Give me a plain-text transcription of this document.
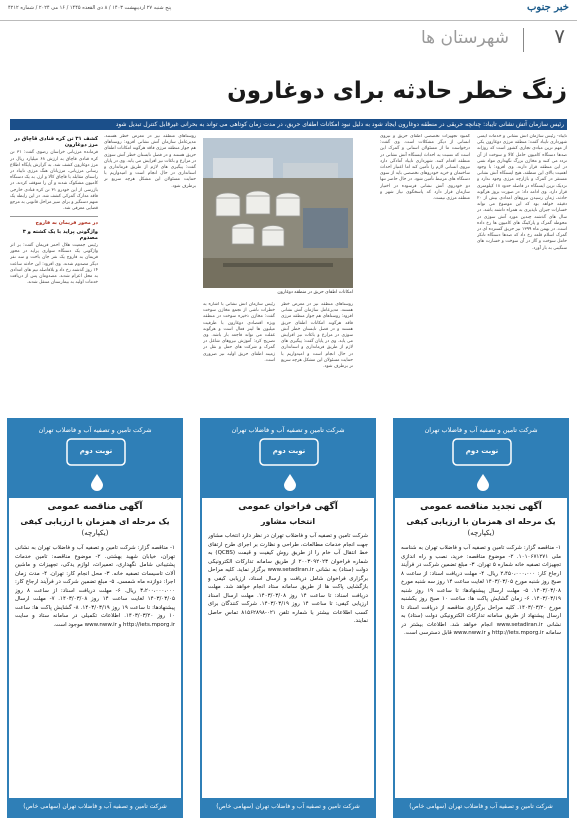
خبر جنوب
پنج شنبه ۲۷ اردیبهشت ۱۴۰۳ / ۸ ذی القعده ۱۴۴۵ / ۱۶ می ۲۰۲۴ / شماره ۴۲۱۲
۷
شهرستان ها
زنگ خطر حادثه برای دوغارون
رئیس سازمان آتش نشانی تایباد: چنانچه حریقی در منطقه دوغارون ایجاد شود به دلیل نبود امکانات اطفای حریق، در مدت زمان کوتاهی می تواند به بحرانی غیرقابل کنترل تبدیل شود

تایباد- رئیس سازمان آتش نشانی و خدمات ایمنی شهرداری تایباد گفت: منطقه مرزی دوغارون یکی از مهم ترین مبادی تجاری کشور است که روزانه صدها دستگاه کامیون حامل کالا و سوخت از آن تردد می کنند و مخازن بزرگ نگهداری مواد نفتی در این منطقه قرار دارند. وی افزود: با وجود اهمیت بالای این منطقه، هیچ ایستگاه آتش نشانی مستقر در گمرک و بازارچه مرزی وجود ندارد و نزدیک ترین ایستگاه در فاصله حدود ۱۸ کیلومتری قرار دارد. وی ادامه داد: در صورت بروز هرگونه حادثه، زمان رسیدن نیروهای امدادی بیش از ۲۰ دقیقه خواهد بود که این موضوع می تواند خسارات جبران ناپذیری به همراه داشته باشد. در سال های گذشته چندین مورد آتش سوزی در محوطه گمرک و پارکینگ های کامیون ها رخ داده است. در بهمن ماه ۱۳۹۹ نیز حریق گسترده ای در گمرک اسلام قلعه رخ داد که صدها دستگاه تانکر حامل سوخت و گاز در آن سوخت و خسارت های سنگینی به بار آورد.

کمبود تجهیزات تخصصی اطفای حریق و نیروی انسانی از دیگر مشکلات است. وی گفت: درخواست ما از مسئولان استانی و گمرک این است که نسبت به احداث ایستگاه آتش نشانی در منطقه اقدام کنند. شهرداری تایباد آمادگی دارد نیروی انسانی لازم را تأمین کند اما اعتبار احداث ساختمان و خرید خودروهای تخصصی باید از سوی دستگاه های مرتبط تأمین شود. در حال حاضر تنها دو خودروی آتش نشانی فرسوده در اختیار سازمان قرار دارد که پاسخگوی نیاز شهر و منطقه مرزی نیست.

امکانات اطفای حریق در منطقه دوغارون

رئیس سازمان آتش نشانی با اشاره به خطرات ناشی از تجمع مخازن سوخت گفت: مخازن ذخیره سوخت در منطقه ویژه اقتصادی دوغارون با ظرفیت میلیون ها لیتر فعال است و هرگونه غفلت می تواند فاجعه بار باشد. وی تصریح کرد: آموزش نیروهای شاغل در گمرک و شرکت های حمل و نقل در زمینه اطفای حریق اولیه نیز ضروری است.

روستاهای منطقه نیز در معرض خطر هستند. مدیرعامل سازمان آتش نشانی افزود: روستاهای هم جوار منطقه مرزی فاقد هرگونه امکانات اطفای حریق هستند و در فصل تابستان خطر آتش سوزی در مزارع و باغات نیز افزایش می یابد. وی در پایان گفت: پیگیری های لازم از طریق فرمانداری و استانداری در حال انجام است و امیدواریم با حمایت مسئولان این مشکل هرچه سریع تر برطرف شود.

کشف ۳۱ تن کره قنادی قاچاق در مرز دوغارون

فرمانده مرزبانی خراسان رضوی گفت: ۳۱ تن کره قنادی قاچاق به ارزش ۶۸ میلیارد ریال در مرز دوغارون کشف شد. به گزارش پایگاه اطلاع رسانی مرزبانی، مرزبانان هنگ مرزی تایباد در راستای مقابله با قاچاق کالا و ارز، به یک دستگاه کامیون مشکوک شدند و آن را متوقف کردند. در بازرسی از این خودرو ۳۱ تن کره قنادی خارجی فاقد مدارک گمرکی کشف شد. در این رابطه یک متهم دستگیر و برای سیر مراحل قانونی به مرجع قضایی معرفی شد.

در محور فریمان به فاروج
واژگونی پراید با یک کشته و ۳ مصدوم

رئیس جمعیت هلال احمر فریمان گفت: بر اثر واژگونی یک دستگاه سواری پراید در محور فریمان به فاروج یک نفر جان باخت و سه نفر دیگر مصدوم شدند. وی افزود: این حادثه ساعت ۱۴ روز گذشته رخ داد و بلافاصله تیم های امدادی به محل اعزام شدند. مصدومان پس از دریافت خدمات اولیه به بیمارستان منتقل شدند.

روستاهای منطقه نیز در معرض خطر هستند. مدیرعامل سازمان آتش نشانی افزود: روستاهای هم جوار منطقه مرزی فاقد هرگونه امکانات اطفای حریق هستند و در فصل تابستان خطر آتش سوزی در مزارع و باغات نیز افزایش می یابد. وی در پایان گفت: پیگیری های لازم از طریق فرمانداری و استانداری در حال انجام است و امیدواریم با حمایت مسئولان این مشکل هرچه سریع تر برطرف شود.

شرکت تامین و تصفیه آب و فاضلاب تهران
نوبت دوم
آگهی تجدید مناقصه عمومی
یک مرحله ای همزمان با ارزیابی کیفی
(یکپارچه)
۱- مناقصه گزار: شرکت تامین و تصفیه آب و فاضلاب تهران به شناسه ملی ۱۰۱۰۶۷۱۲۷۱. ۲- موضوع مناقصه: خرید، نصب و راه اندازی تجهیزات تصفیه خانه شماره ۵ تهران. ۳- مبلغ تضمین شرکت در فرآیند ارجاع کار: ۲،۴۵۰،۰۰۰،۰۰۰ ریال. ۴- مهلت دریافت اسناد: از ساعت ۸ صبح روز شنبه مورخ ۱۴۰۳/۰۳/۰۵ لغایت ساعت ۱۴ روز سه شنبه مورخ ۱۴۰۳/۰۳/۰۸. ۵- مهلت ارسال پیشنهادها: تا ساعت ۱۹ روز شنبه ۱۴۰۳/۰۳/۱۹. ۶- زمان گشایش پاکت ها: ساعت ۱۰ صبح روز یکشنبه مورخ ۱۴۰۳/۰۳/۲۰. کلیه مراحل برگزاری مناقصه از دریافت اسناد تا ارسال پیشنهاد از طریق سامانه تدارکات الکترونیکی دولت (ستاد) به نشانی www.setadiran.ir انجام خواهد شد. اطلاعات بیشتر در سامانه http://iets.mporg.ir و www.nww.ir قابل دسترسی است.
شرکت تامین و تصفیه آب و فاضلاب تهران (سهامی خاص)
شرکت تامین و تصفیه آب و فاضلاب تهران
نوبت دوم
آگهی فراخوان عمومی
انتخاب مشاور
شرکت تامین و تصفیه آب و فاضلاب تهران در نظر دارد انتخاب مشاور جهت انجام خدمات مطالعات، طراحی و نظارت بر اجرای طرح ارتقای خط انتقال آب خام را از طریق روش کیفیت و قیمت (QCBS) به شماره فراخوان ۲۰۰۳۰۹۲۰۲۳ از طریق سامانه تدارکات الکترونیکی دولت (ستاد) به نشانی www.setadiran.ir برگزار نماید. کلیه مراحل برگزاری فراخوان شامل دریافت و ارسال اسناد، ارزیابی کیفی و بازگشایی پاکت ها از طریق سامانه ستاد انجام خواهد شد. مهلت دریافت اسناد: تا ساعت ۱۴ روز ۱۴۰۳/۰۳/۰۸. مهلت ارسال اسناد ارزیابی کیفی: تا ساعت ۱۴ روز ۱۴۰۳/۰۳/۱۹. شرکت کنندگان برای کسب اطلاعات بیشتر با شماره تلفن ۰۲۱-۸۱۵۶۲۸۹۸ تماس حاصل نمایند.
شرکت تامین و تصفیه آب و فاضلاب تهران (سهامی خاص)
شرکت تامین و تصفیه آب و فاضلاب تهران
نوبت دوم
آگهی مناقصه عمومی
یک مرحله ای همزمان با ارزیابی کیفی
(یکپارچه)
۱- مناقصه گزار: شرکت تامین و تصفیه آب و فاضلاب تهران به نشانی تهران، خیابان شهید بهشتی. ۲- موضوع مناقصه: تامین خدمات پشتیبانی شامل نگهداری، تعمیرات، لوازم یدکی، تجهیزات و ماشین آلات تاسیسات تصفیه خانه. ۳- محل انجام کار: تهران. ۴- مدت زمان اجرا: دوازده ماه شمسی. ۵- مبلغ تضمین شرکت در فرآیند ارجاع کار: ۳،۲۰۰،۰۰۰،۰۰۰ ریال. ۶- مهلت دریافت اسناد: از ساعت ۸ روز ۱۴۰۳/۰۳/۰۵ لغایت ساعت ۱۴ روز ۱۴۰۳/۰۳/۰۸. ۷- مهلت ارسال پیشنهادها: تا ساعت ۱۹ روز ۱۴۰۳/۰۳/۱۹. ۸- گشایش پاکت ها: ساعت ۱۰ روز ۱۴۰۳/۰۳/۲۰. اطلاعات تکمیلی در سامانه ستاد و سایت http://iets.mporg.ir و www.nww.ir موجود است.
شرکت تامین و تصفیه آب و فاضلاب تهران (سهامی خاص)
